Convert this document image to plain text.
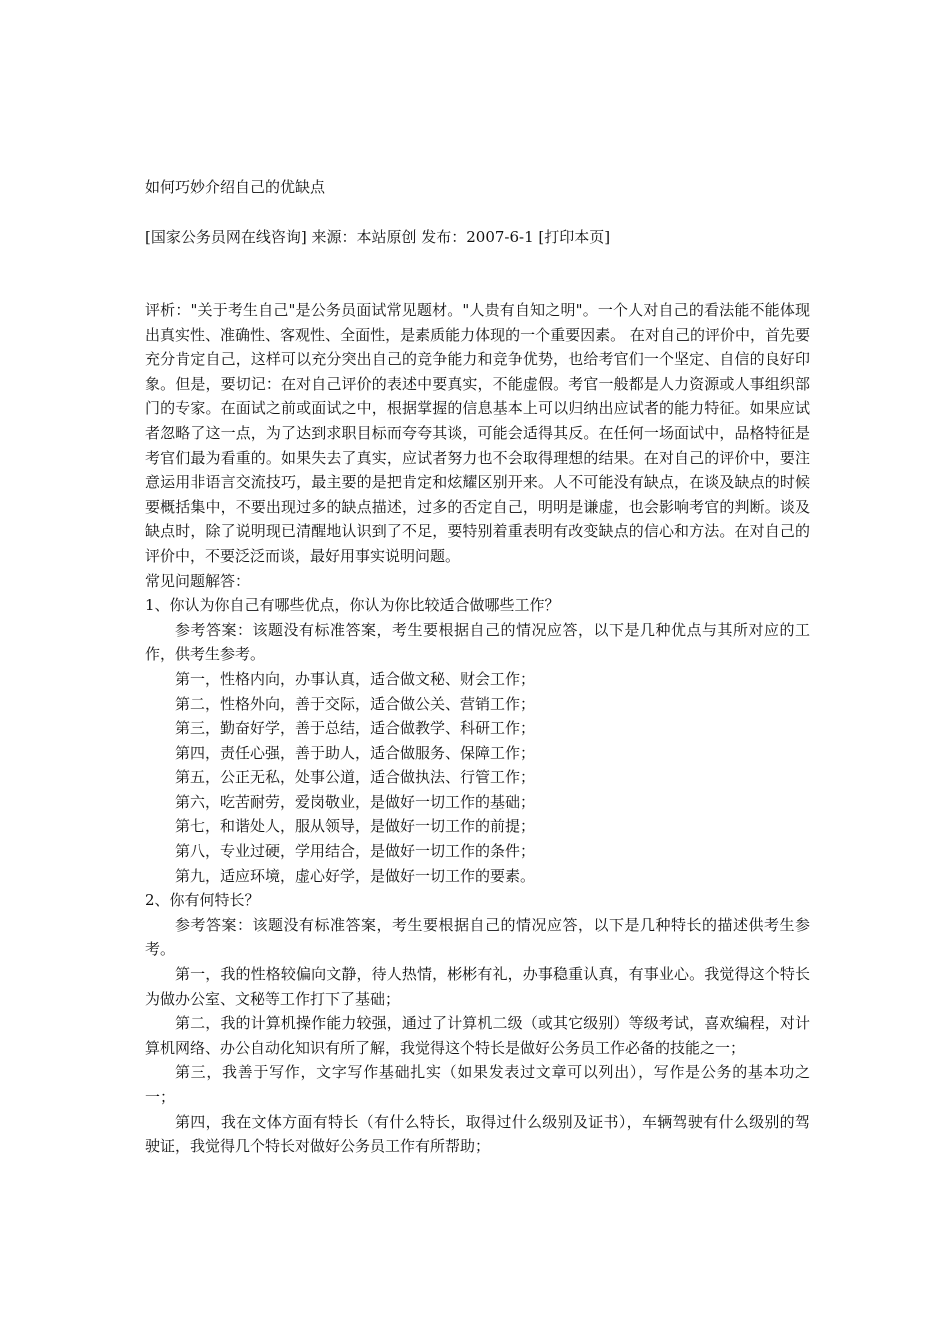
如何巧妙介绍自己的优缺点
[国家公务员网在线咨询] 来源：本站原创 发布：2007-6-1 [打印本页]

评析："关于考生自己"是公务员面试常见题材。"人贵有自知之明"。一个人对自己的看法能不能体现出真实性、准确性、客观性、全面性，是素质能力体现的一个重要因素。 在对自己的评价中，首先要充分肯定自己，这样可以充分突出自己的竞争能力和竞争优势，也给考官们一个坚定、自信的良好印象。但是，要切记：在对自己评价的表述中要真实，不能虚假。考官一般都是人力资源或人事组织部门的专家。在面试之前或面试之中，根据掌握的信息基本上可以归纳出应试者的能力特征。如果应试者忽略了这一点，为了达到求职目标而夸夸其谈，可能会适得其反。在任何一场面试中，品格特征是考官们最为看重的。如果失去了真实，应试者努力也不会取得理想的结果。在对自己的评价中，要注意运用非语言交流技巧，最主要的是把肯定和炫耀区别开来。人不可能没有缺点，在谈及缺点的时候要概括集中，不要出现过多的缺点描述，过多的否定自己，明明是谦虚，也会影响考官的判断。谈及缺点时，除了说明现已清醒地认识到了不足，要特别着重表明有改变缺点的信心和方法。在对自己的评价中，不要泛泛而谈，最好用事实说明问题。

常见问题解答：

1、你认为你自己有哪些优点，你认为你比较适合做哪些工作？

参考答案：该题没有标准答案，考生要根据自己的情况应答，以下是几种优点与其所对应的工作，供考生参考。

第一，性格内向，办事认真，适合做文秘、财会工作；

第二，性格外向，善于交际，适合做公关、营销工作；

第三，勤奋好学，善于总结，适合做教学、科研工作；

第四，责任心强，善于助人，适合做服务、保障工作；

第五，公正无私，处事公道，适合做执法、行管工作；

第六，吃苦耐劳，爱岗敬业，是做好一切工作的基础；

第七，和谐处人，服从领导，是做好一切工作的前提；

第八，专业过硬，学用结合，是做好一切工作的条件；

第九，适应环境，虚心好学，是做好一切工作的要素。

2、你有何特长？

参考答案：该题没有标准答案，考生要根据自己的情况应答，以下是几种特长的描述供考生参考。

第一，我的性格较偏向文静，待人热情，彬彬有礼，办事稳重认真，有事业心。我觉得这个特长为做办公室、文秘等工作打下了基础；

第二，我的计算机操作能力较强，通过了计算机二级（或其它级别）等级考试，喜欢编程，对计算机网络、办公自动化知识有所了解，我觉得这个特长是做好公务员工作必备的技能之一；

第三，我善于写作，文字写作基础扎实（如果发表过文章可以列出），写作是公务的基本功之一；

第四，我在文体方面有特长（有什么特长，取得过什么级别及证书），车辆驾驶有什么级别的驾驶证，我觉得几个特长对做好公务员工作有所帮助；
